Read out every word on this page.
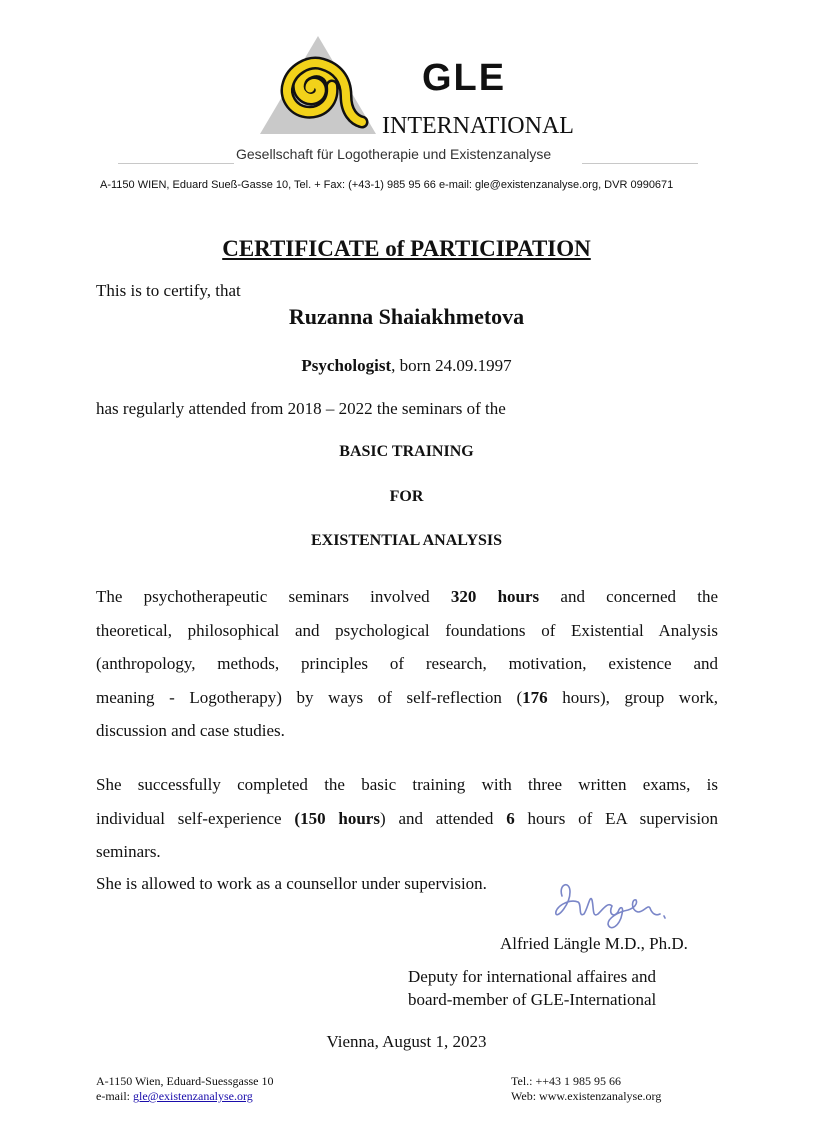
GLE
INTERNATIONAL
Gesellschaft für Logotherapie und Existenzanalyse
A-1150 WIEN, Eduard Sueß-Gasse 10, Tel. + Fax: (+43-1) 985 95 66 e-mail: gle@existenzanalyse.org, DVR 0990671
CERTIFICATE of PARTICIPATION
This is to certify, that
Ruzanna Shaiakhmetova
Psychologist, born 24.09.1997
has regularly attended from 2018 – 2022 the seminars of the
BASIC TRAINING
FOR
EXISTENTIAL ANALYSIS
The psychotherapeutic seminars involved 320 hours and concerned the
theoretical, philosophical and psychological foundations of Existential Analysis
(anthropology, methods, principles of research, motivation, existence and
meaning - Logotherapy) by ways of self-reflection (176 hours), group work,
discussion and case studies.
She successfully completed the basic training with three written exams, is
individual self-experience (150 hours) and attended 6 hours of EA supervision
seminars.
She is allowed to work as a counsellor under supervision.
Alfried Längle M.D., Ph.D.
Deputy for international affaires and
board-member of GLE-International
Vienna, August 1, 2023
A-1150 Wien, Eduard-Suessgasse 10
e-mail: gle@existenzanalyse.org
Tel.: ++43 1 985 95 66
Web: www.existenzanalyse.org
